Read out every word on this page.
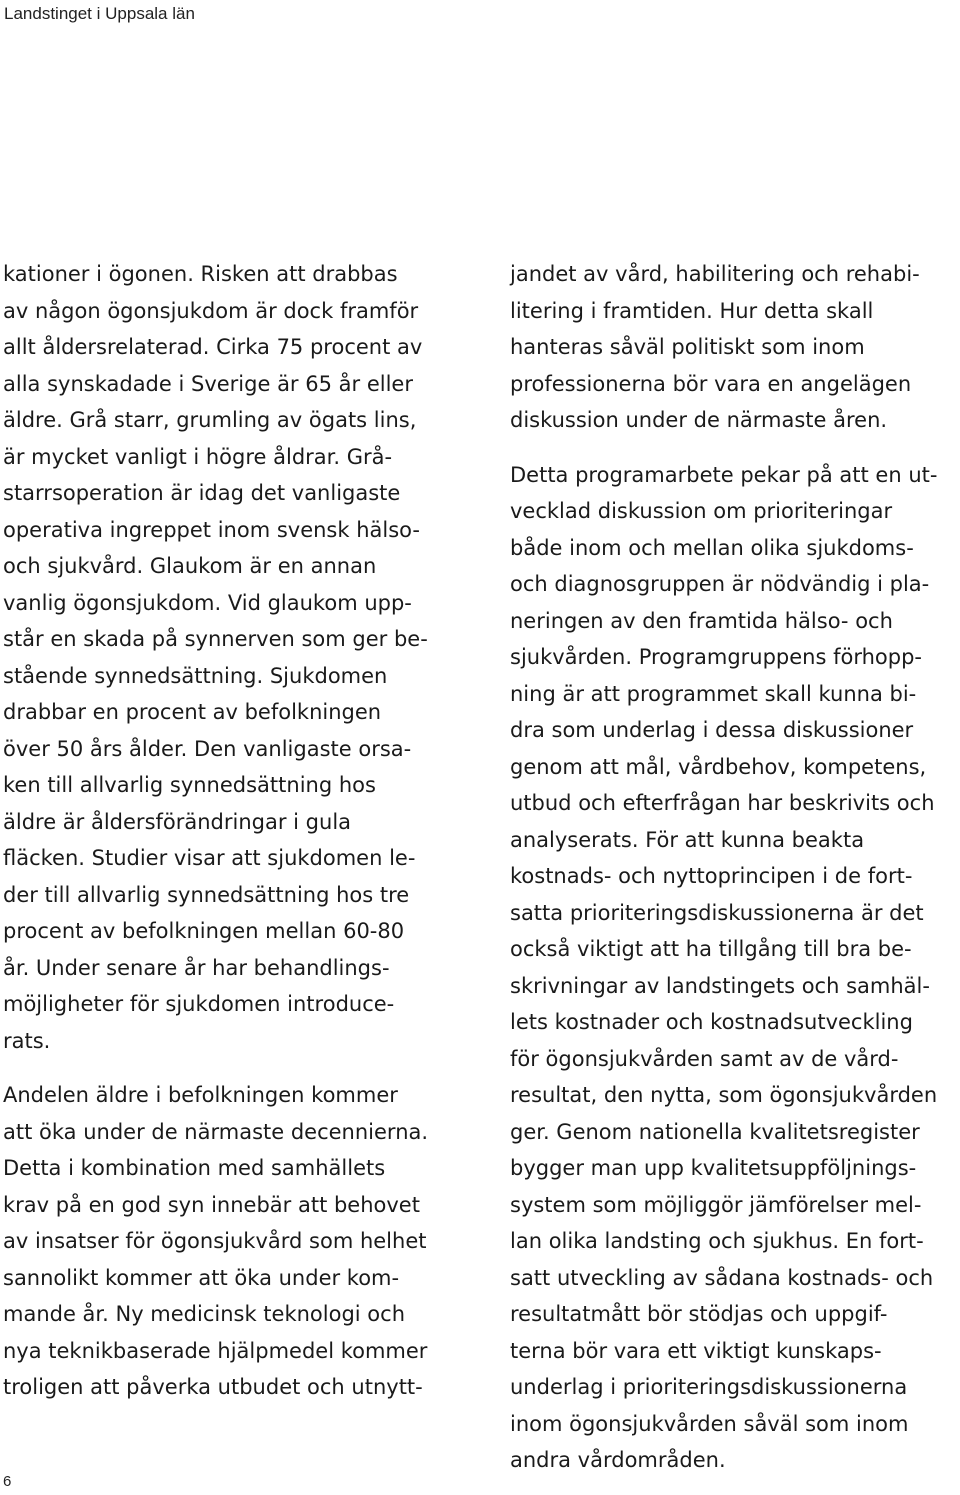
Landstinget i Uppsala län
kationer i ögonen. Risken att drabbas
av någon ögonsjukdom är dock framför
allt åldersrelaterad. Cirka 75 procent av
alla synskadade i Sverige är 65 år eller
äldre. Grå starr, grumling av ögats lins,
är mycket vanligt i högre åldrar. Grå-
starrsoperation är idag det vanligaste
operativa ingreppet inom svensk hälso-
och sjukvård. Glaukom är en annan
vanlig ögonsjukdom. Vid glaukom upp-
står en skada på synnerven som ger be-
stående synnedsättning. Sjukdomen
drabbar en procent av befolkningen
över 50 års ålder. Den vanligaste orsa-
ken till allvarlig synnedsättning hos
äldre är åldersförändringar i gula
fläcken. Studier visar att sjukdomen le-
der till allvarlig synnedsättning hos tre
procent av befolkningen mellan 60-80
år. Under senare år har behandlings-
möjligheter för sjukdomen introduce-
rats.
Andelen äldre i befolkningen kommer
att öka under de närmaste decennierna.
Detta i kombination med samhällets
krav på en god syn innebär att behovet
av insatser för ögonsjukvård som helhet
sannolikt kommer att öka under kom-
mande år. Ny medicinsk teknologi och
nya teknikbaserade hjälpmedel kommer
troligen att påverka utbudet och utnytt-
jandet av vård, habilitering och rehabi-
litering i framtiden. Hur detta skall
hanteras såväl politiskt som inom
professionerna bör vara en angelägen
diskussion under de närmaste åren.
Detta programarbete pekar på att en ut-
vecklad diskussion om prioriteringar
både inom och mellan olika sjukdoms-
och diagnosgruppen är nödvändig i pla-
neringen av den framtida hälso- och
sjukvården. Programgruppens förhopp-
ning är att programmet skall kunna bi-
dra som underlag i dessa diskussioner
genom att mål, vårdbehov, kompetens,
utbud och efterfrågan har beskrivits och
analyserats. För att kunna beakta
kostnads- och nyttoprincipen i de fort-
satta prioriteringsdiskussionerna är det
också viktigt att ha tillgång till bra be-
skrivningar av landstingets och samhäl-
lets kostnader och kostnadsutveckling
för ögonsjukvården samt av de vård-
resultat, den nytta, som ögonsjukvården
ger. Genom nationella kvalitetsregister
bygger man upp kvalitetsuppföljnings-
system som möjliggör jämförelser mel-
lan olika landsting och sjukhus. En fort-
satt utveckling av sådana kostnads- och
resultatmått bör stödjas och uppgif-
terna bör vara ett viktigt kunskaps-
underlag i prioriteringsdiskussionerna
inom ögonsjukvården såväl som inom
andra vårdområden.
6
